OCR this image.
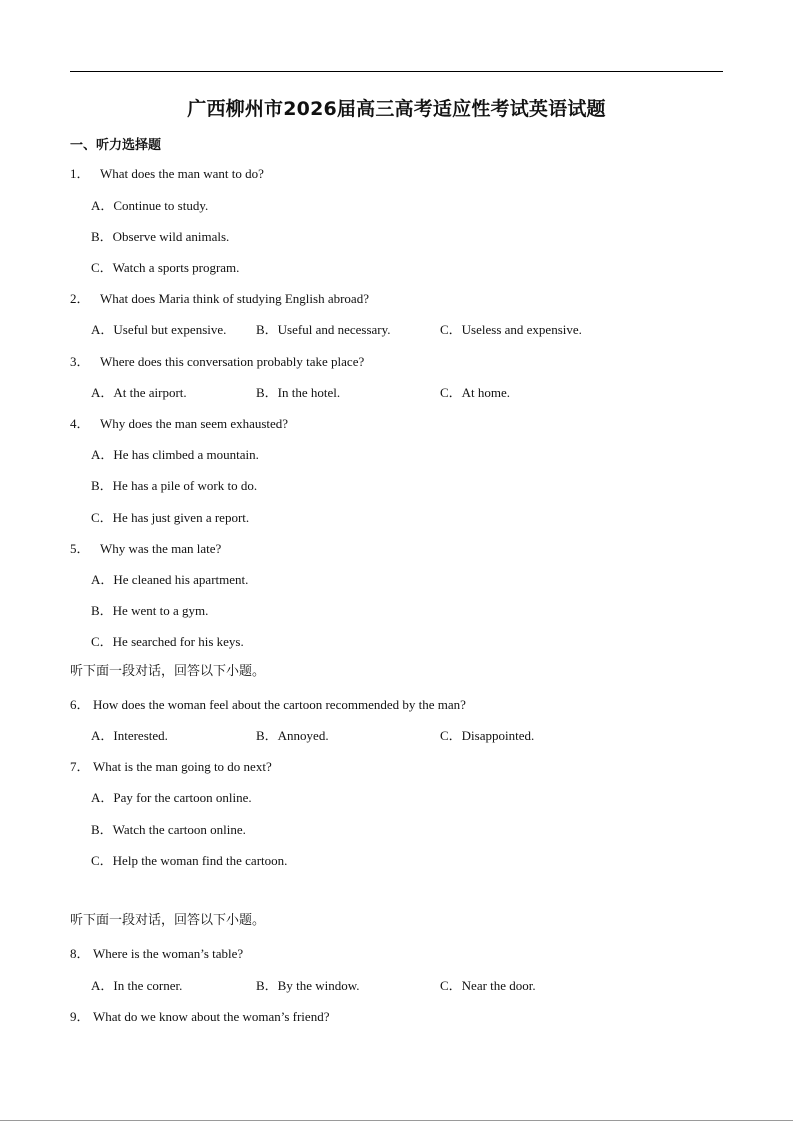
广西柳州市2026届高三高考适应性考试英语试题
一、听力选择题
1． What does the man want to do?
A．Continue to study.
B．Observe wild animals.
C．Watch a sports program.
2． What does Maria think of studying English abroad?
A．Useful but expensive. B．Useful and necessary.	C．Useless and expensive.
3． Where does this conversation probably take place?
A．At the airport.	B．In the hotel.	C．At home.
4． Why does the man seem exhausted?
A．He has climbed a mountain.
B．He has a pile of work to do.
C．He has just given a report.
5． Why was the man late?
A．He cleaned his apartment.
B．He went to a gym.
C．He searched for his keys.
听下面一段对话，回答以下小题。
6． How does the woman feel about the cartoon recommended by the man?
A．Interested.	B．Annoyed.	C．Disappointed.
7． What is the man going to do next?
A．Pay for the cartoon online.
B．Watch the cartoon online.
C．Help the woman find the cartoon.
听下面一段对话，回答以下小题。
8． Where is the woman’s table?
A．In the corner.	B．By the window.	C．Near the door.
9． What do we know about the woman’s friend?
